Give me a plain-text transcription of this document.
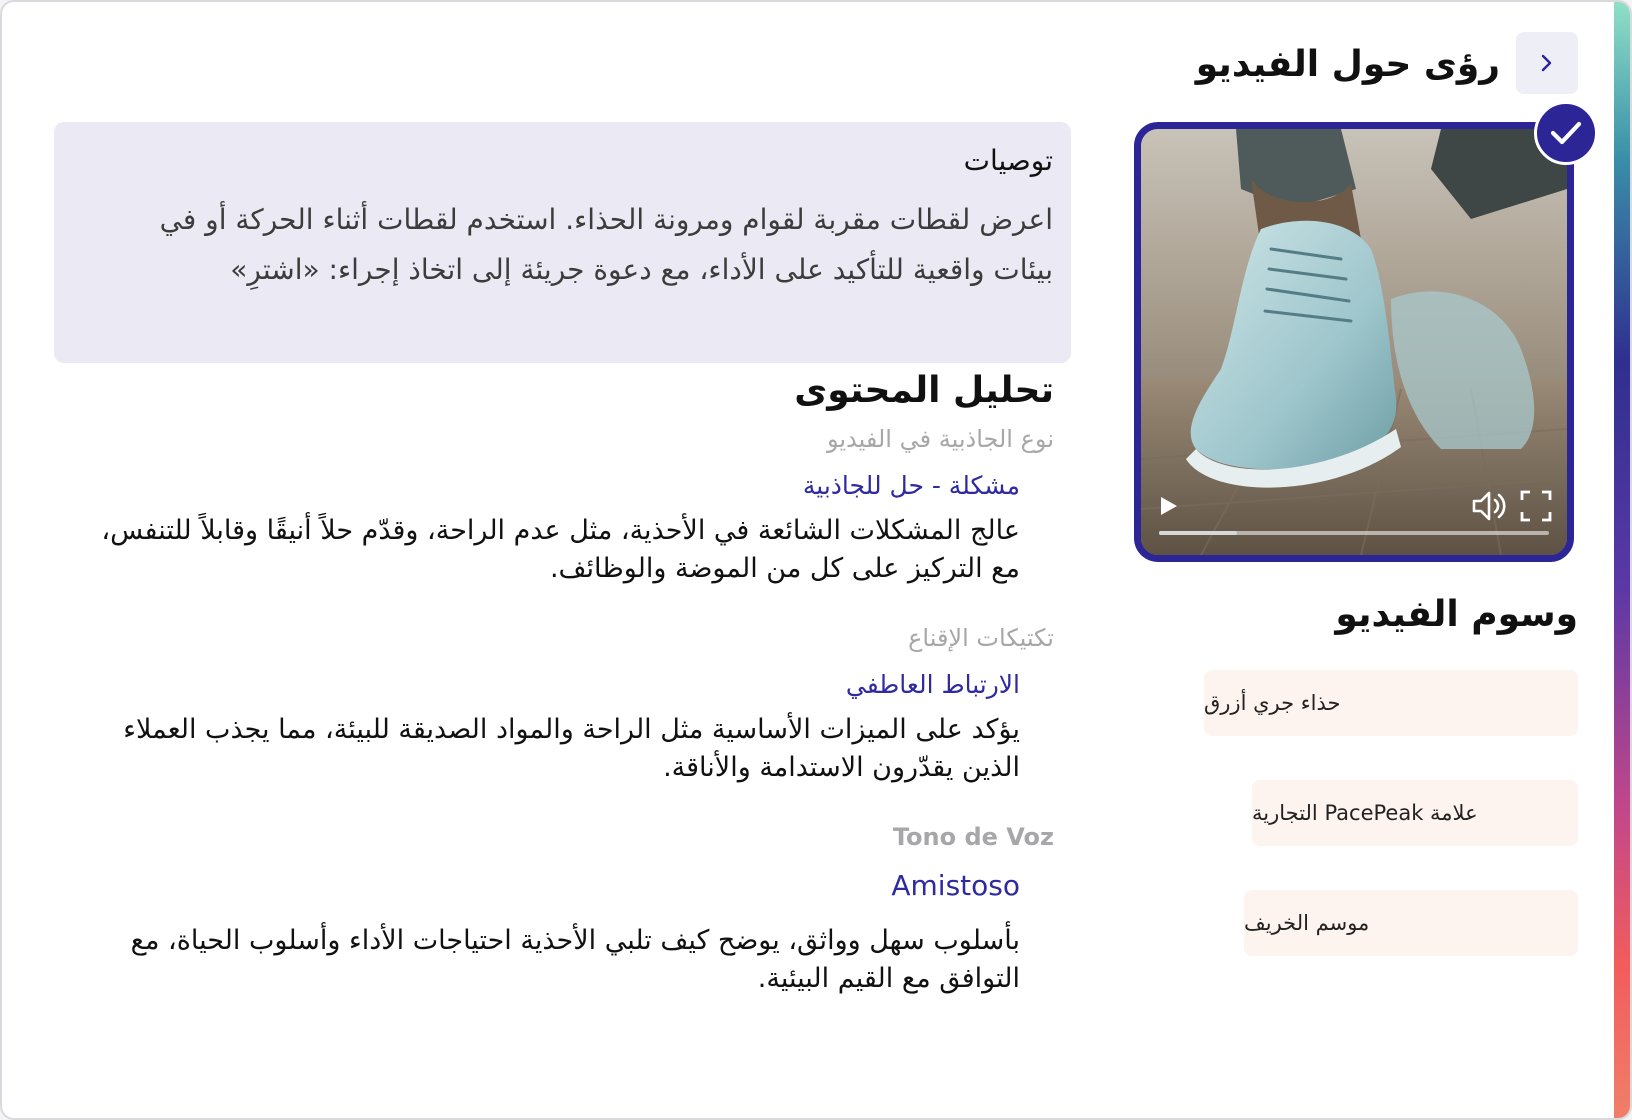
رؤى حول الفيديو
وسوم الفيديو
حذاء جري أزرق
علامة PacePeak التجارية
موسم الخريف
توصيات
اعرض لقطات مقربة لقوام ومرونة الحذاء. استخدم لقطات أثناء الحركة أو في بيئات واقعية للتأكيد على الأداء، مع دعوة جريئة إلى اتخاذ إجراء: «اشترِ»
تحليل المحتوى
نوع الجاذبية في الفيديو
مشكلة - حل للجاذبية
عالج المشكلات الشائعة في الأحذية، مثل عدم الراحة، وقدّم حلاً أنيقًا وقابلاً للتنفس، مع التركيز على كل من الموضة والوظائف.
تكتيكات الإقناع
الارتباط العاطفي
يؤكد على الميزات الأساسية مثل الراحة والمواد الصديقة للبيئة، مما يجذب العملاء الذين يقدّرون الاستدامة والأناقة.
Tono de Voz
Amistoso
بأسلوب سهل وواثق، يوضح كيف تلبي الأحذية احتياجات الأداء وأسلوب الحياة، مع التوافق مع القيم البيئية.
